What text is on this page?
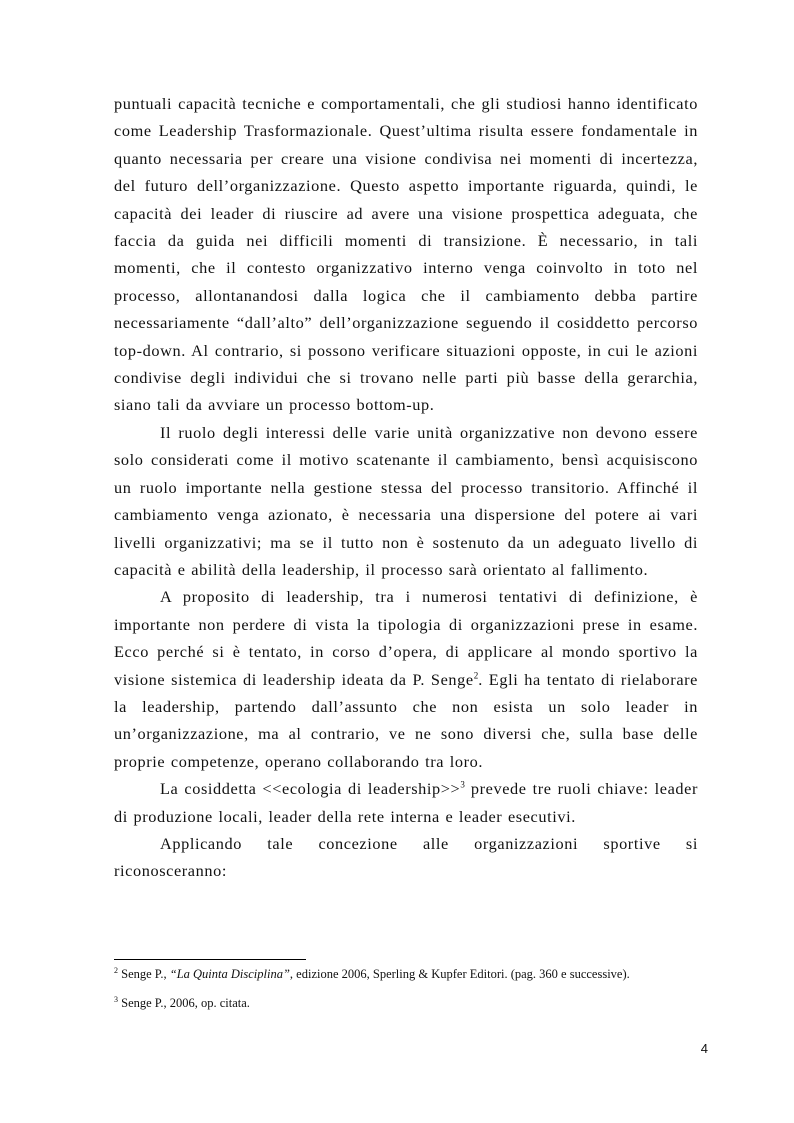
puntuali capacità tecniche e comportamentali, che gli studiosi hanno identificato come Leadership Trasformazionale. Quest’ultima risulta essere fondamentale in quanto necessaria per creare una visione condivisa nei momenti di incertezza, del futuro dell’organizzazione. Questo aspetto importante riguarda, quindi, le capacità dei leader di riuscire ad avere una visione prospettica adeguata, che faccia da guida nei difficili momenti di transizione. È necessario, in tali momenti, che il contesto organizzativo interno venga coinvolto in toto nel processo, allontanandosi dalla logica che il cambiamento debba partire necessariamente “dall’alto” dell’organizzazione seguendo il cosiddetto percorso top-down. Al contrario, si possono verificare situazioni opposte, in cui le azioni condivise degli individui che si trovano nelle parti più basse della gerarchia, siano tali da avviare un processo bottom-up.

Il ruolo degli interessi delle varie unità organizzative non devono essere solo considerati come il motivo scatenante il cambiamento, bensì acquisiscono un ruolo importante nella gestione stessa del processo transitorio. Affinché il cambiamento venga azionato, è necessaria una dispersione del potere ai vari livelli organizzativi; ma se il tutto non è sostenuto da un adeguato livello di capacità e abilità della leadership, il processo sarà orientato al fallimento.

A proposito di leadership, tra i numerosi tentativi di definizione, è importante non perdere di vista la tipologia di organizzazioni prese in esame. Ecco perché si è tentato, in corso d’opera, di applicare al mondo sportivo la visione sistemica di leadership ideata da P. Senge$^2$. Egli ha tentato di rielaborare la leadership, partendo dall’assunto che non esista un solo leader in un’organizzazione, ma al contrario, ve ne sono diversi che, sulla base delle proprie competenze, operano collaborando tra loro.

La cosiddetta <<ecologia di leadership>>$^3$ prevede tre ruoli chiave: leader di produzione locali, leader della rete interna e leader esecutivi.

Applicando tale concezione alle organizzazioni sportive si riconosceranno:

$^2$ Senge P., “La Quinta Disciplina”, edizione 2006, Sperling & Kupfer Editori. (pag. 360 e successive).

$^3$ Senge P., 2006, op. citata.

4
